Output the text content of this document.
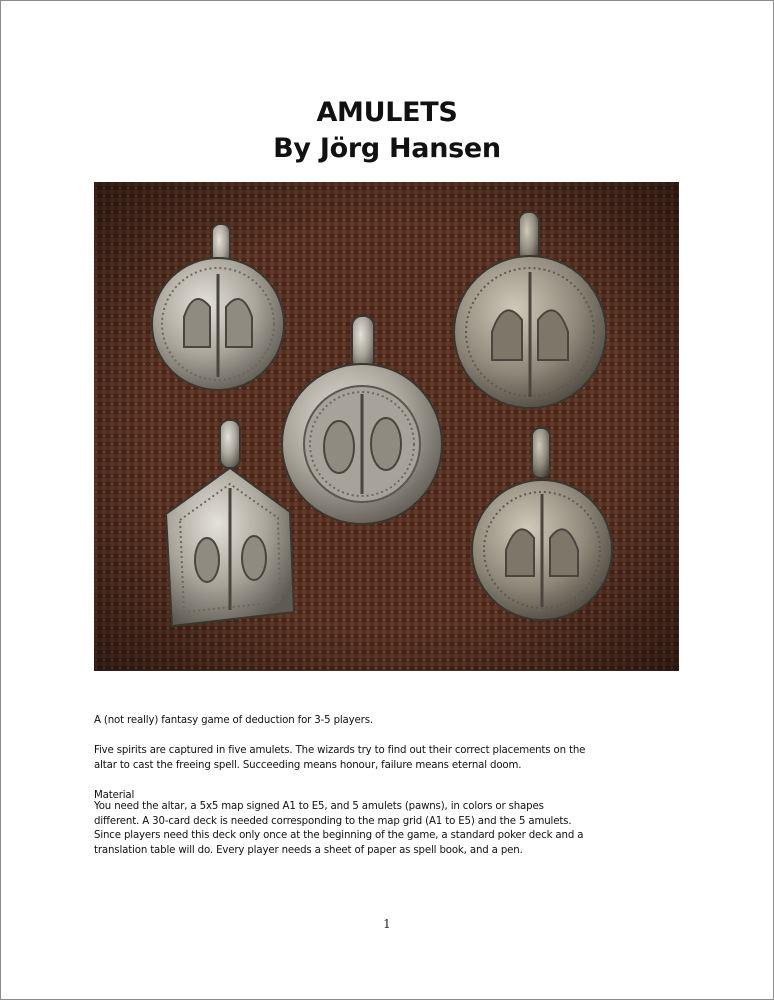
AMULETS
By Jörg Hansen
A (not really) fantasy game of deduction for 3-5 players.
Five spirits are captured in five amulets. The wizards try to find out their correct placements on the
altar to cast the freeing spell. Succeeding means honour, failure means eternal doom.
Material
You need the altar, a 5x5 map signed A1 to E5, and 5 amulets (pawns), in colors or shapes
different. A 30-card deck is needed corresponding to the map grid (A1 to E5) and the 5 amulets.
Since players need this deck only once at the beginning of the game, a standard poker deck and a
translation table will do. Every player needs a sheet of paper as spell book, and a pen.
1
